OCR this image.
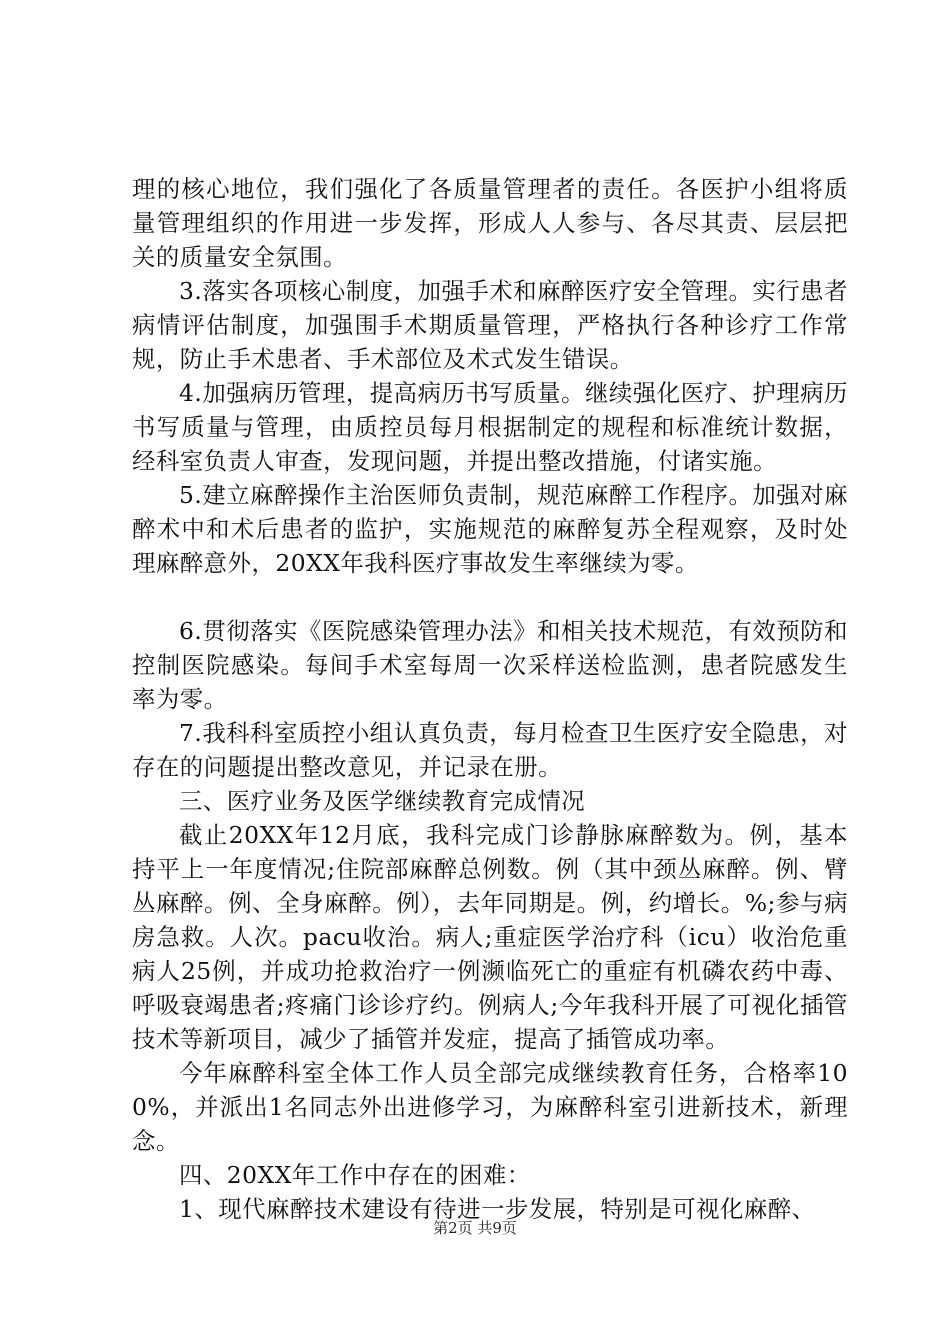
理的核心地位，我们强化了各质量管理者的责任。各医护小组将质量管理组织的作用进一步发挥，形成人人参与、各尽其责、层层把关的质量安全氛围。

3.落实各项核心制度，加强手术和麻醉医疗安全管理。实行患者病情评估制度，加强围手术期质量管理，严格执行各种诊疗工作常规，防止手术患者、手术部位及术式发生错误。

4.加强病历管理，提高病历书写质量。继续强化医疗、护理病历书写质量与管理，由质控员每月根据制定的规程和标准统计数据，经科室负责人审查，发现问题，并提出整改措施，付诸实施。

5.建立麻醉操作主治医师负责制，规范麻醉工作程序。加强对麻醉术中和术后患者的监护，实施规范的麻醉复苏全程观察，及时处理麻醉意外，20XX年我科医疗事故发生率继续为零。

6.贯彻落实《医院感染管理办法》和相关技术规范，有效预防和控制医院感染。每间手术室每周一次采样送检监测，患者院感发生率为零。

7.我科科室质控小组认真负责，每月检查卫生医疗安全隐患，对存在的问题提出整改意见，并记录在册。

三、医疗业务及医学继续教育完成情况

截止20XX年12月底，我科完成门诊静脉麻醉数为。例，基本持平上一年度情况;住院部麻醉总例数。例（其中颈丛麻醉。例、臂丛麻醉。例、全身麻醉。例），去年同期是。例，约增长。%;参与病房急救。人次。pacu收治。病人;重症医学治疗科（icu）收治危重病人25例，并成功抢救治疗一例濒临死亡的重症有机磷农药中毒、呼吸衰竭患者;疼痛门诊诊疗约。例病人;今年我科开展了可视化插管技术等新项目，减少了插管并发症，提高了插管成功率。

今年麻醉科室全体工作人员全部完成继续教育任务，合格率100%，并派出1名同志外出进修学习，为麻醉科室引进新技术，新理念。

四、20XX年工作中存在的困难：

1、现代麻醉技术建设有待进一步发展，特别是可视化麻醉、

第2页 共9页
